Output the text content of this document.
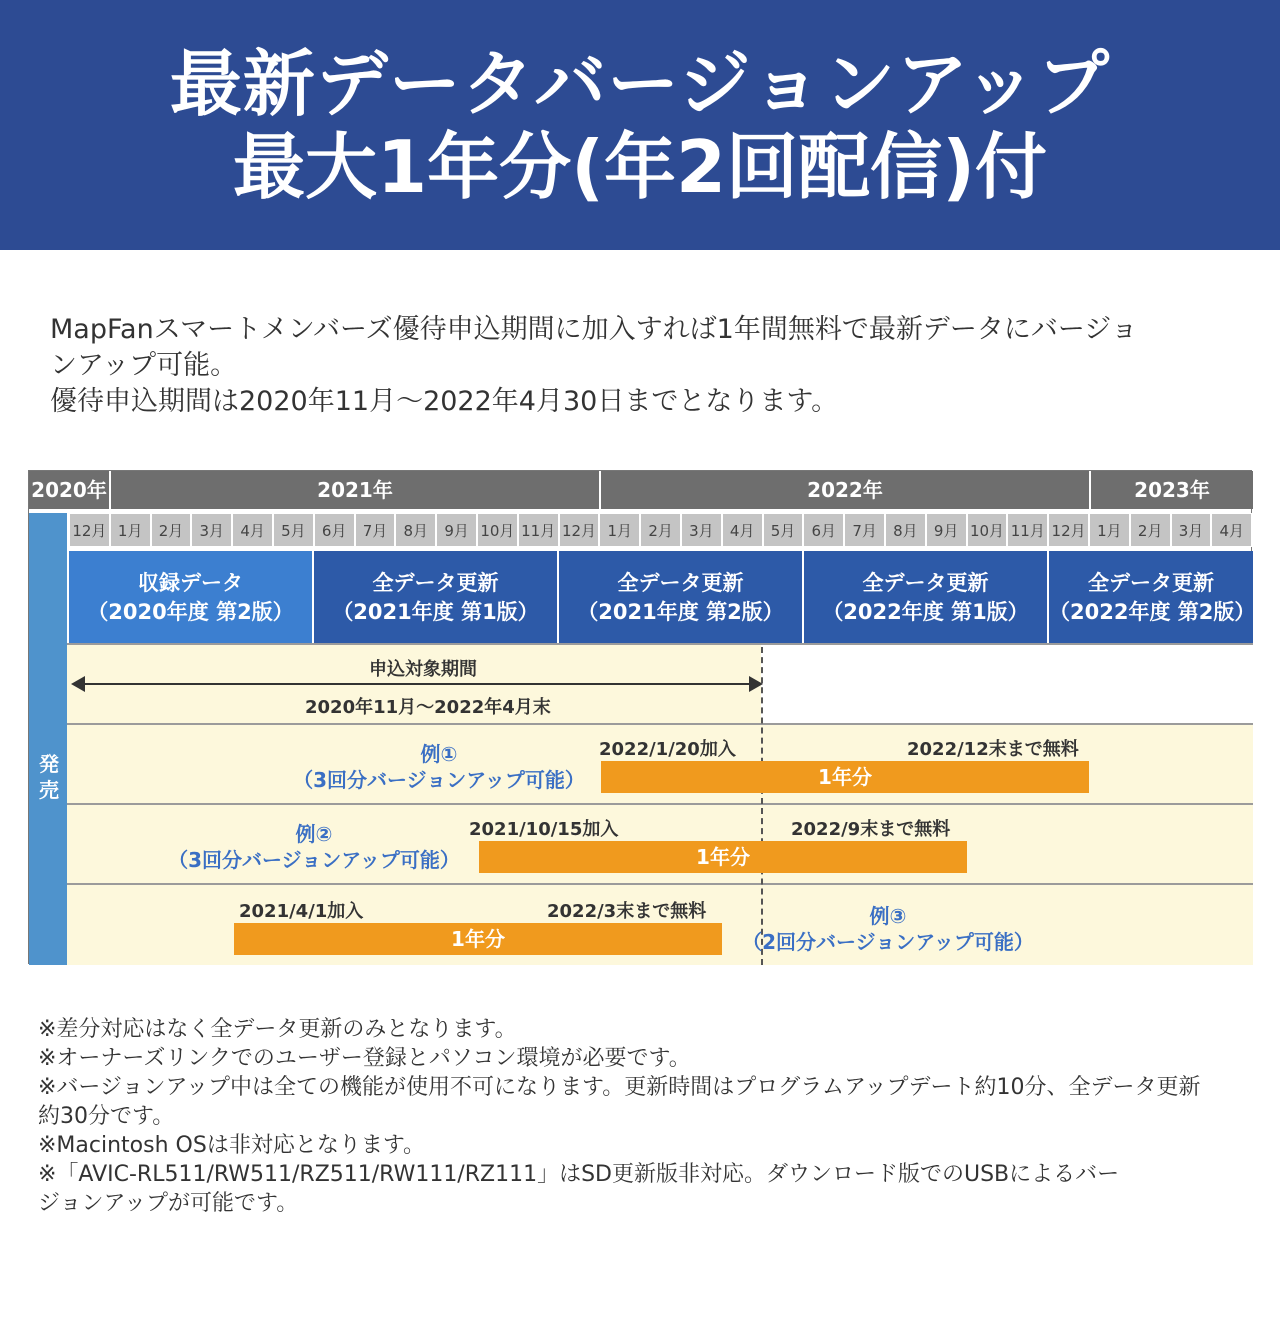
最新データバージョンアップ
最大1年分(年2回配信)付
MapFanスマートメンバーズ優待申込期間に加入すれば1年間無料で最新データにバージョ
ンアップ可能。
優待申込期間は2020年11月～2022年4月30日までとなります。
2020年	2021年	2022年	2023年
12月 1月	2月	3月	4月	5月	6月	7月	8月	9月 10月 11月 12月 1月	2月	3月	4月	5月	6月	7月	8月	9月 10月 11月 12月 1月	2月	3月	4月
発売
収録データ
（2020年度 第2版）
全データ更新
（2021年度 第1版）
全データ更新
（2021年度 第2版）
全データ更新
（2022年度 第1版）
全データ更新
（2022年度 第2版）
申込対象期間
2020年11月～2022年4月末
例①
（3回分バージョンアップ可能）
2022/1/20加入	2022/12末まで無料
1年分
例②
（3回分バージョンアップ可能）
2021/10/15加入	2022/9末まで無料
1年分
例③
（2回分バージョンアップ可能）
2021/4/1加入	2022/3末まで無料
1年分
※差分対応はなく全データ更新のみとなります。
※オーナーズリンクでのユーザー登録とパソコン環境が必要です。
※バージョンアップ中は全ての機能が使用不可になります。更新時間はプログラムアップデート約10分、全データ更新
約30分です。
※Macintosh OSは非対応となります。
※「AVIC-RL511/RW511/RZ511/RW111/RZ111」はSD更新版非対応。ダウンロード版でのUSBによるバー
ジョンアップが可能です。
